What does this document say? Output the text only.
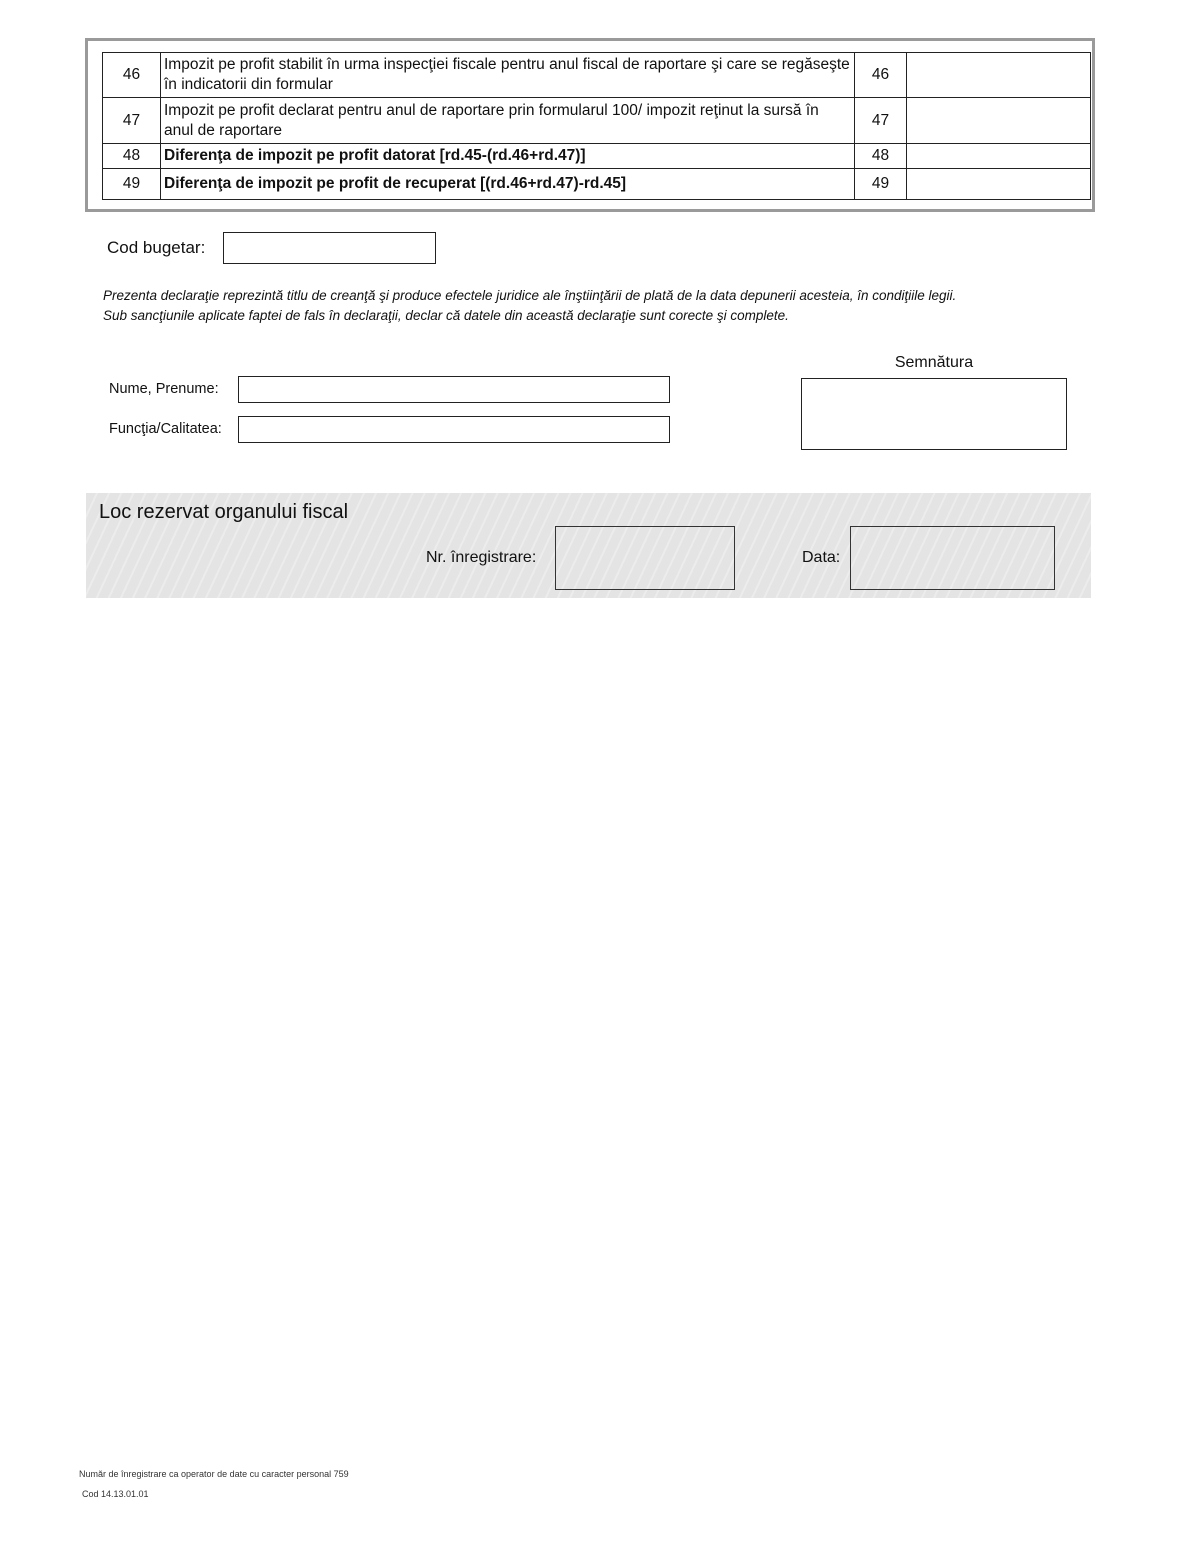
46	Impozit pe profit stabilit în urma inspecţiei fiscale pentru anul fiscal de raportare şi care se regăseşte în indicatorii din formular	46	
47	Impozit pe profit declarat pentru anul de raportare prin formularul 100/ impozit reţinut la sursă în anul de raportare	47	
48	Diferenţa de impozit pe profit datorat [rd.45-(rd.46+rd.47)]	48	
49	Diferenţa de impozit pe profit de recuperat [(rd.46+rd.47)-rd.45]	49	
Cod bugetar:
Prezenta declaraţie reprezintă titlu de creanţă şi produce efectele juridice ale înştiinţării de plată de la data depunerii acesteia, în condiţiile legii.
Sub sancţiunile aplicate faptei de fals în declaraţii, declar că datele din această declaraţie sunt corecte şi complete.
Nume, Prenume:
Funcţia/Calitatea:
Semnătura
Loc rezervat organului fiscal
Nr. înregistrare:	Data:
Număr de înregistrare ca operator de date cu caracter personal 759
Cod 14.13.01.01
